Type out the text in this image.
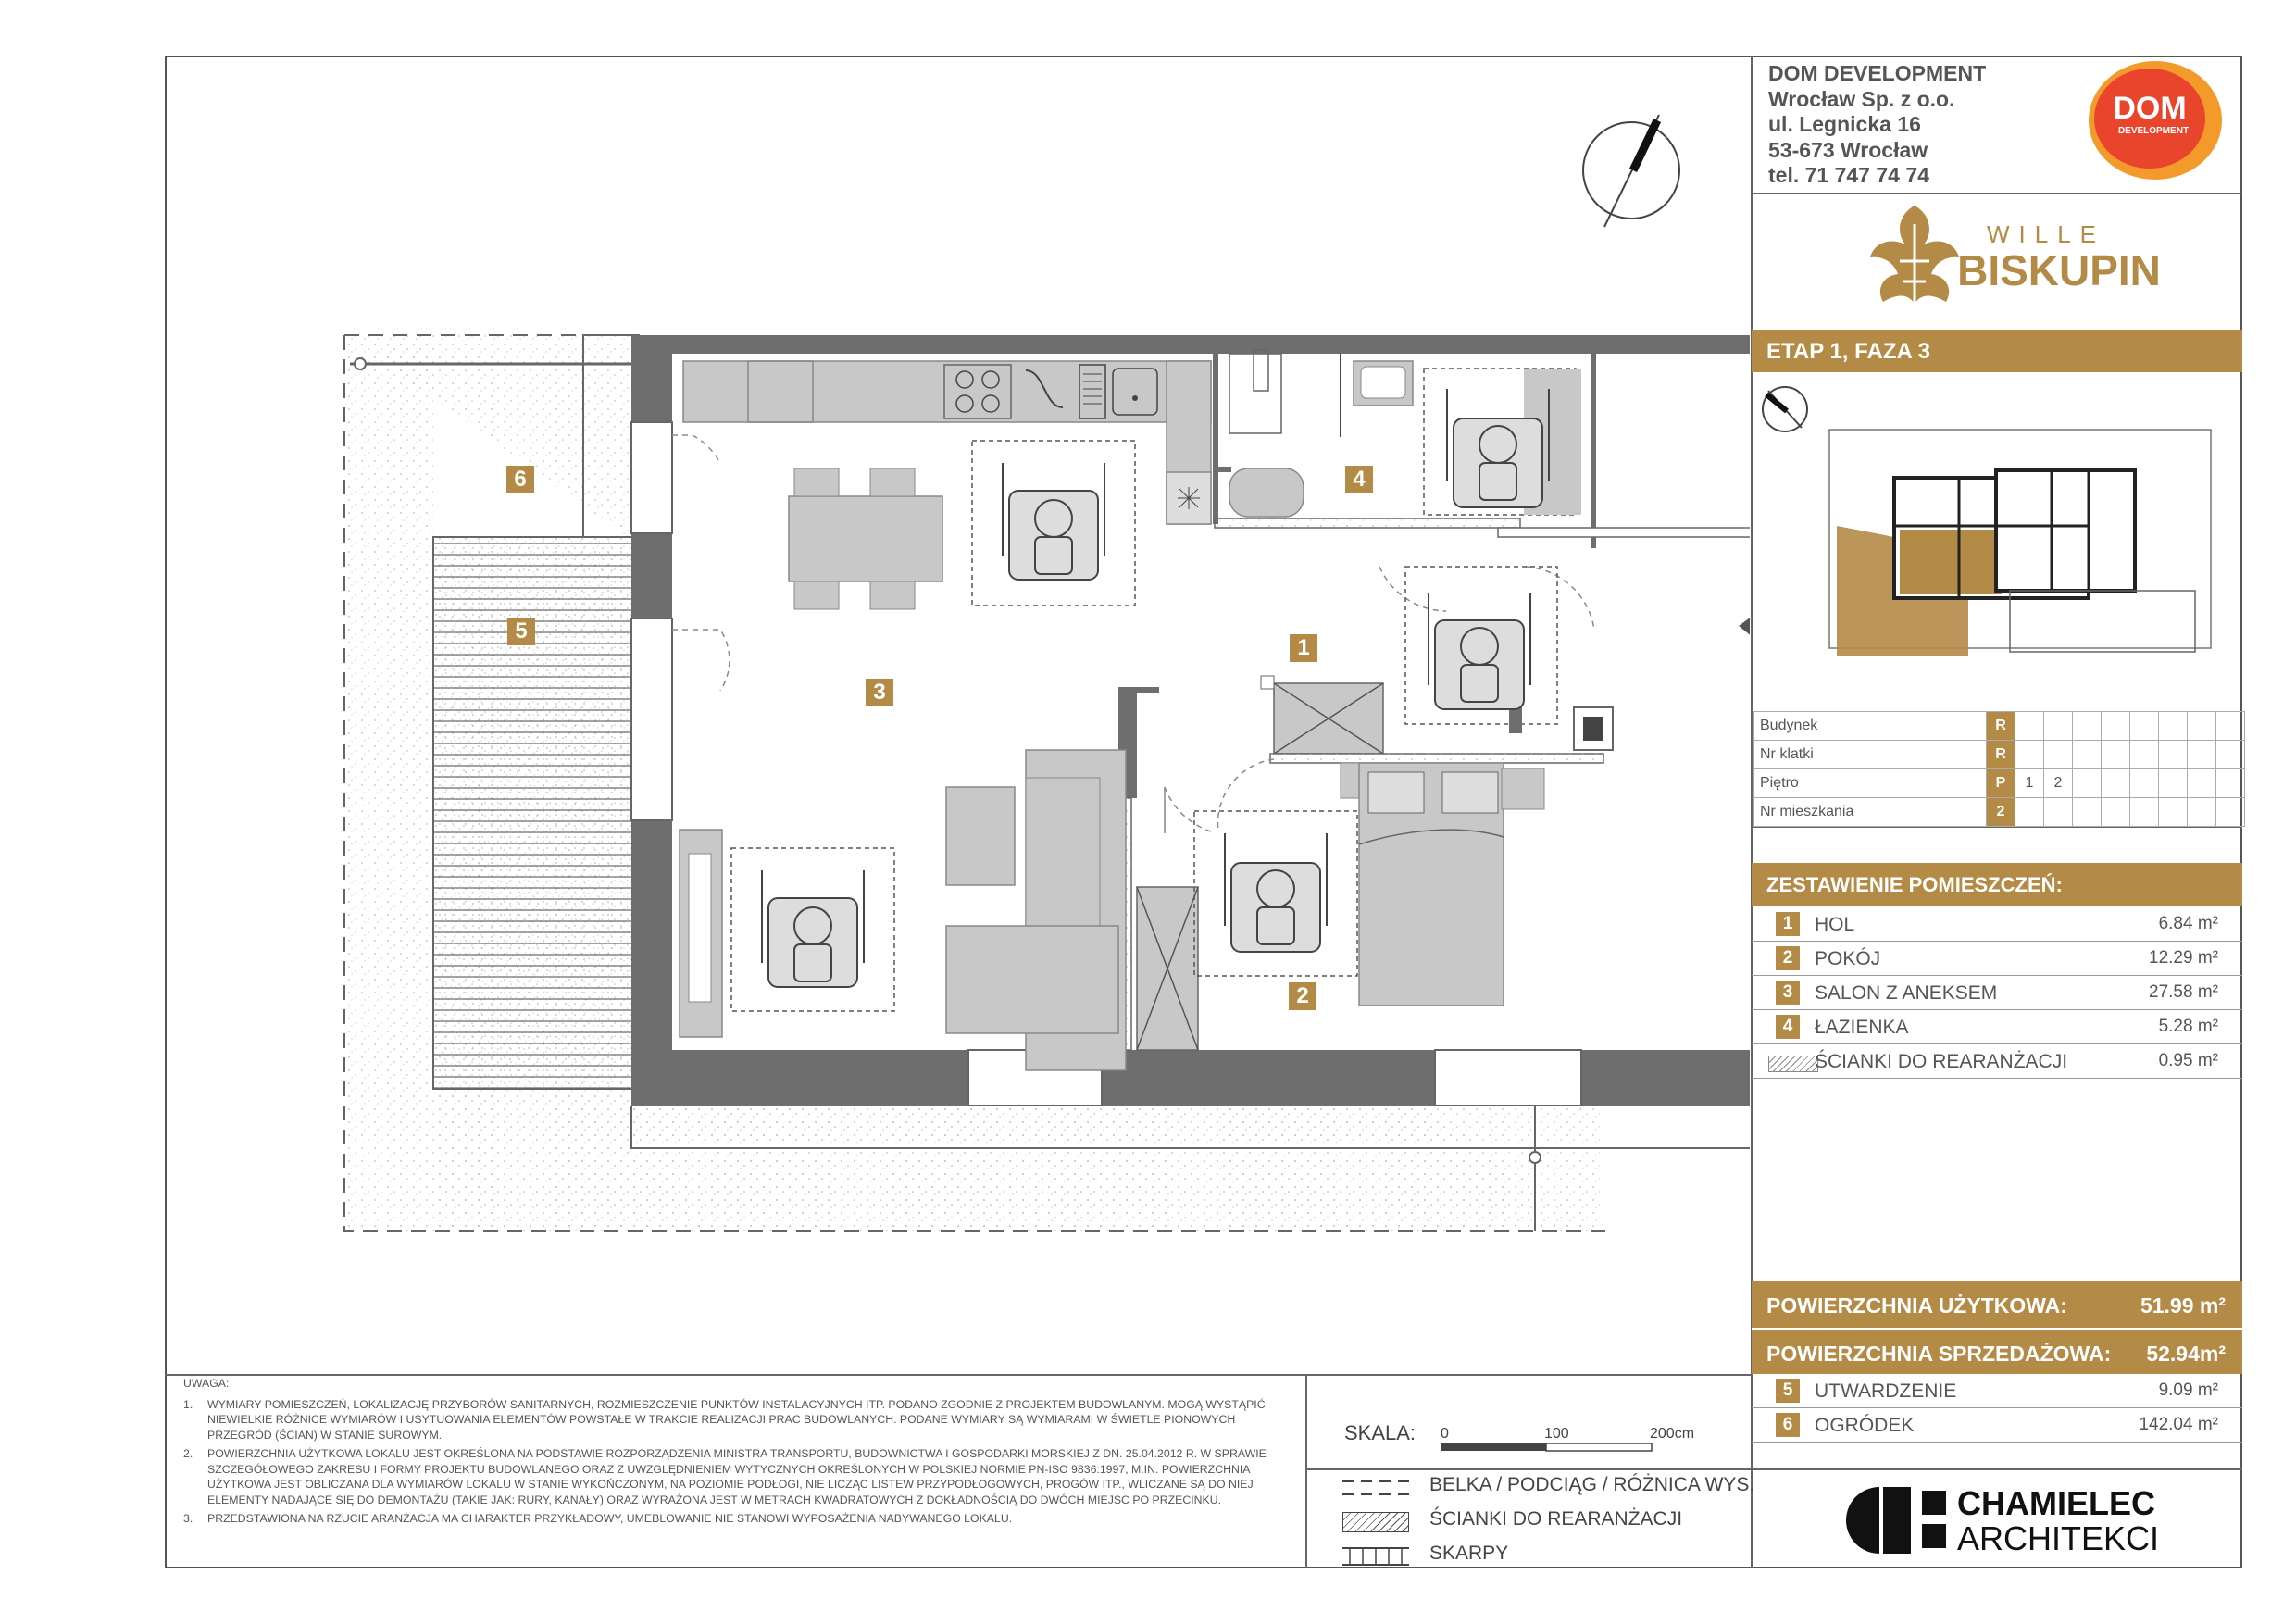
DOM DEVELOPMENT
Wrocław Sp. z o.o.
ul. Legnicka 16
53-673 Wrocław
tel. 71 747 74 74
DOM
DEVELOPMENT
WILLE
BISKUPIN
ETAP 1, FAZA 3
Budynek	R								
Nr klatki	R								
Piętro	P	1	2						
Nr mieszkania	2								
ZESTAWIENIE POMIESZCZEŃ:
1	HOL	6.84 m²
2	POKÓJ	12.29 m²
3	SALON Z ANEKSEM	27.58 m²
4	ŁAZIENKA	5.28 m²
ŚCIANKI DO REARANŻACJI	0.95 m²
POWIERZCHNIA UŻYTKOWA:	51.99 m²
POWIERZCHNIA SPRZEDAŻOWA: 52.94m²
5	UTWARDZENIE	9.09 m²
6	OGRÓDEK	142.04 m²
CHAMIELEC
ARCHITEKCI
UWAGA:
1. WYMIARY POMIESZCZEŃ, LOKALIZACJĘ PRZYBORÓW SANITARNYCH, ROZMIESZCZENIE PUNKTÓW INSTALACYJNYCH ITP. PODANO ZGODNIE Z PROJEKTEM BUDOWLANYM. MOGĄ WYSTĄPIĆ NIEWIELKIE RÓŻNICE WYMIARÓW I USYTUOWANIA ELEMENTÓW POWSTAŁE W TRAKCIE REALIZACJI PRAC BUDOWLANYCH. PODANE WYMIARY SĄ WYMIARAMI W ŚWIETLE PIONOWYCH PRZEGRÓD (ŚCIAN) W STANIE SUROWYM.
2. POWIERZCHNIA UŻYTKOWA LOKALU JEST OKREŚLONA NA PODSTAWIE ROZPORZĄDZENIA MINISTRA TRANSPORTU, BUDOWNICTWA I GOSPODARKI MORSKIEJ Z DN. 25.04.2012 R. W SPRAWIE SZCZEGÓŁOWEGO ZAKRESU I FORMY PROJEKTU BUDOWLANEGO ORAZ Z UWZGLĘDNIENIEM WYTYCZNYCH OKREŚLONYCH W POLSKIEJ NORMIE PN-ISO 9836:1997, M.IN. POWIERZCHNIA UŻYTKOWA JEST OBLICZANA DLA WYMIARÓW LOKALU W STANIE WYKOŃCZONYM, NA POZIOMIE PODŁOGI, NIE LICZĄC LISTEW PRZYPODŁOGOWYCH, PROGÓW ITP., WLICZANE SĄ DO NIEJ ELEMENTY NADAJĄCE SIĘ DO DEMONTAŻU (TAKIE JAK: RURY, KANAŁY) ORAZ WYRAŻONA JEST W METRACH KWADRATOWYCH Z DOKŁADNOŚCIĄ DO DWÓCH MIEJSC PO PRZECINKU.
3. PRZEDSTAWIONA NA RZUCIE ARANŻACJA MA CHARAKTER PRZYKŁADOWY, UMEBLOWANIE NIE STANOWI WYPOSAŻENIA NABYWANEGO LOKALU.
SKALA: 0	100	200cm
BELKA / PODCIĄG / RÓŻNICA WYS.
ŚCIANKI DO REARANŻACJI
SKARPY
1
2
3
4
5
6
